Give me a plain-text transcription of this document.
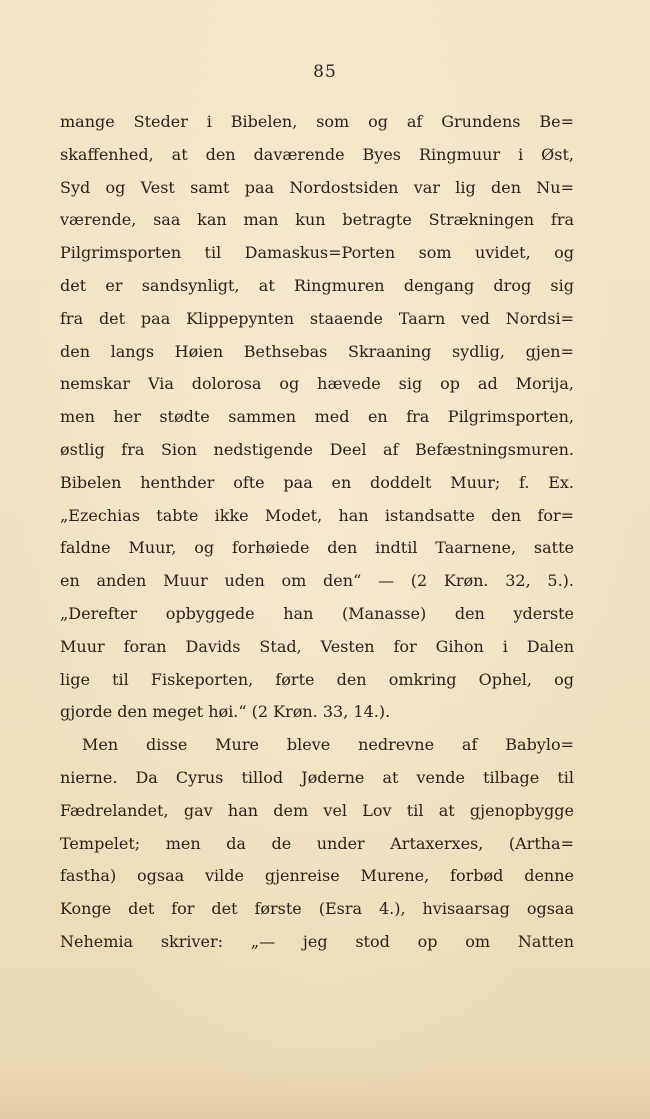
85
mange Steder i Bibelen, som og af Grundens Be=
skaffenhed, at den daværende Byes Ringmuur i Øst,
Syd og Vest samt paa Nordostsiden var lig den Nu=
værende, saa kan man kun betragte Strækningen fra
Pilgrimsporten til Damaskus=Porten som uvidet, og
det er sandsynligt, at Ringmuren dengang drog sig
fra det paa Klippepynten staaende Taarn ved Nordsi=
den langs Høien Bethsebas Skraaning sydlig, gjen=
nemskar Via dolorosa og hævede sig op ad Morija,
men her stødte sammen med en fra Pilgrimsporten,
østlig fra Sion nedstigende Deel af Befæstningsmuren.
Bibelen henthder ofte paa en doddelt Muur; f. Ex.
„Ezechias tabte ikke Modet, han istandsatte den for=
faldne Muur, og forhøiede den indtil Taarnene, satte
en anden Muur uden om den“ — (2 Krøn. 32, 5.).
„Derefter opbyggede han (Manasse) den yderste
Muur foran Davids Stad, Vesten for Gihon i Dalen
lige til Fiskeporten, førte den omkring Ophel, og
gjorde den meget høi.“ (2 Krøn. 33, 14.).
Men disse Mure bleve nedrevne af Babylo=
nierne. Da Cyrus tillod Jøderne at vende tilbage til
Fædrelandet, gav han dem vel Lov til at gjenopbygge
Tempelet; men da de under Artaxerxes, (Artha=
fastha) ogsaa vilde gjenreise Murene, forbød denne
Konge det for det første (Esra 4.), hvisaarsag ogsaa
Nehemia skriver: „— jeg stod op om Natten
